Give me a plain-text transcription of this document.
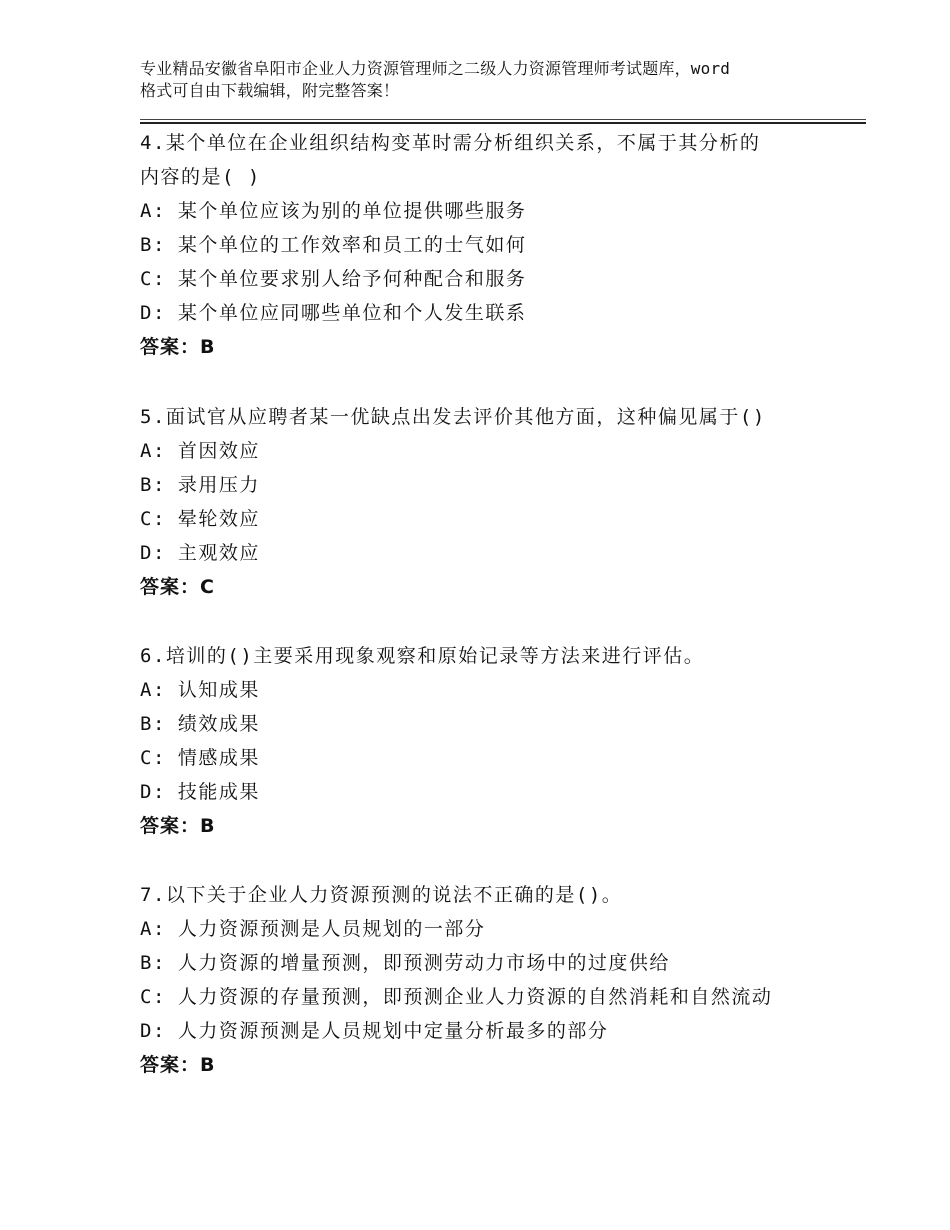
专业精品安徽省阜阳市企业人力资源管理师之二级人力资源管理师考试题库，word
格式可自由下载编辑，附完整答案！

4.某个单位在企业组织结构变革时需分析组织关系，不属于其分析的

内容的是( )

A: 某个单位应该为别的单位提供哪些服务

B: 某个单位的工作效率和员工的士气如何

C: 某个单位要求别人给予何种配合和服务

D: 某个单位应同哪些单位和个人发生联系

答案：B

5.面试官从应聘者某一优缺点出发去评价其他方面，这种偏见属于()

A: 首因效应

B: 录用压力

C: 晕轮效应

D: 主观效应

答案：C

6.培训的()主要采用现象观察和原始记录等方法来进行评估。

A: 认知成果

B: 绩效成果

C: 情感成果

D: 技能成果

答案：B

7.以下关于企业人力资源预测的说法不正确的是()。

A: 人力资源预测是人员规划的一部分

B: 人力资源的增量预测，即预测劳动力市场中的过度供给

C: 人力资源的存量预测，即预测企业人力资源的自然消耗和自然流动

D: 人力资源预测是人员规划中定量分析最多的部分

答案：B
